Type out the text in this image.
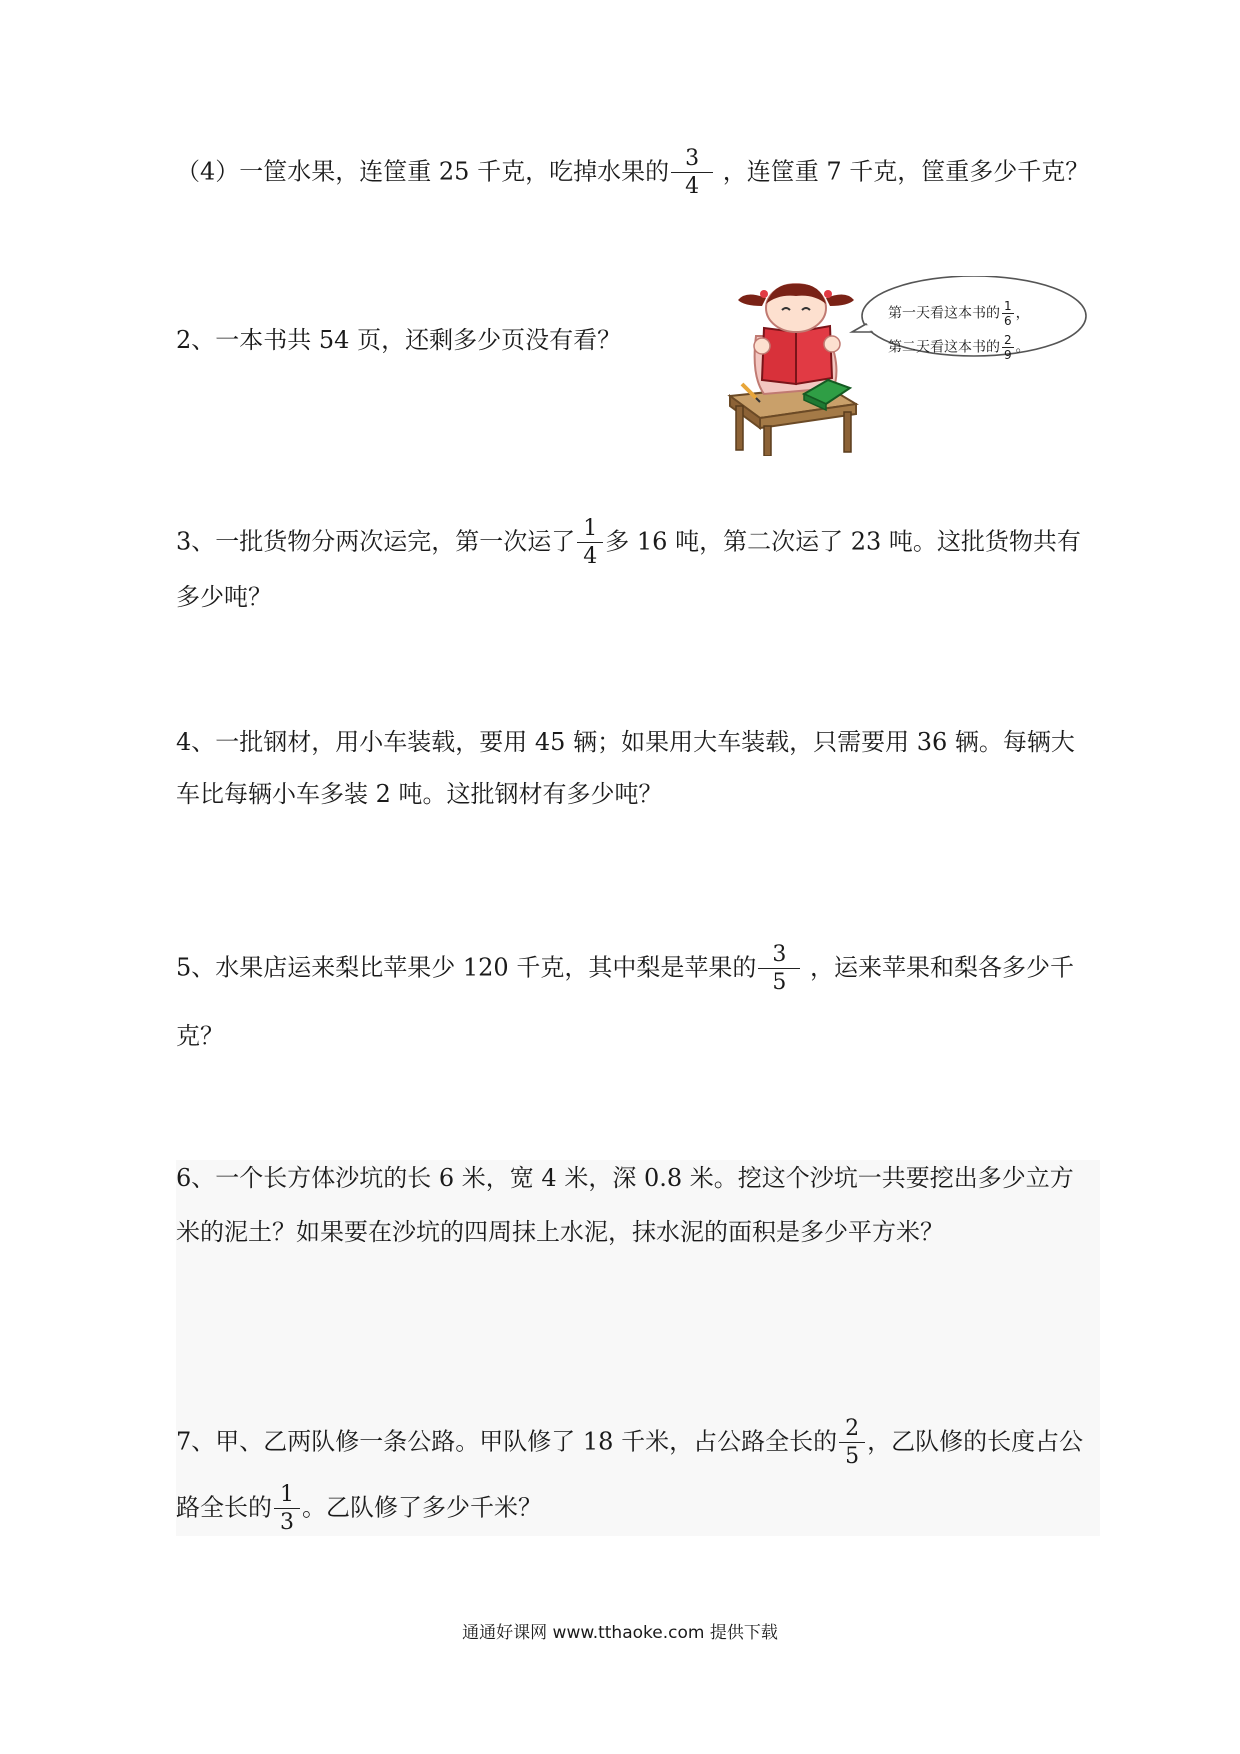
（4）一筐水果，连筐重 25 千克，吃掉水果的 $\frac{3}{4}$ ，连筐重 7 千克，筐重多少千克？
2、一本书共 54 页，还剩多少页没有看？
第一天看这本书的 $\frac{1}{6}$ ，
第二天看这本书的 $\frac{2}{9}$ 。
3、一批货物分两次运完，第一次运了 $\frac{1}{4}$ 多 16 吨，第二次运了 23 吨。这批货物共有
多少吨？
4、一批钢材，用小车装载，要用 45 辆；如果用大车装载，只需要用 36 辆。每辆大
车比每辆小车多装 2 吨。这批钢材有多少吨？
5、水果店运来梨比苹果少 120 千克，其中梨是苹果的 $\frac{3}{5}$ ，运来苹果和梨各多少千
克？
6、一个长方体沙坑的长 6 米，宽 4 米，深 0.8 米。挖这个沙坑一共要挖出多少立方
米的泥土？如果要在沙坑的四周抹上水泥，抹水泥的面积是多少平方米？
7、甲、乙两队修一条公路。甲队修了 18 千米，占公路全长的 $\frac{2}{5}$ ，乙队修的长度占公
路全长的 $\frac{1}{3}$ 。乙队修了多少千米？
通通好课网 www.tthaoke.com 提供下载
